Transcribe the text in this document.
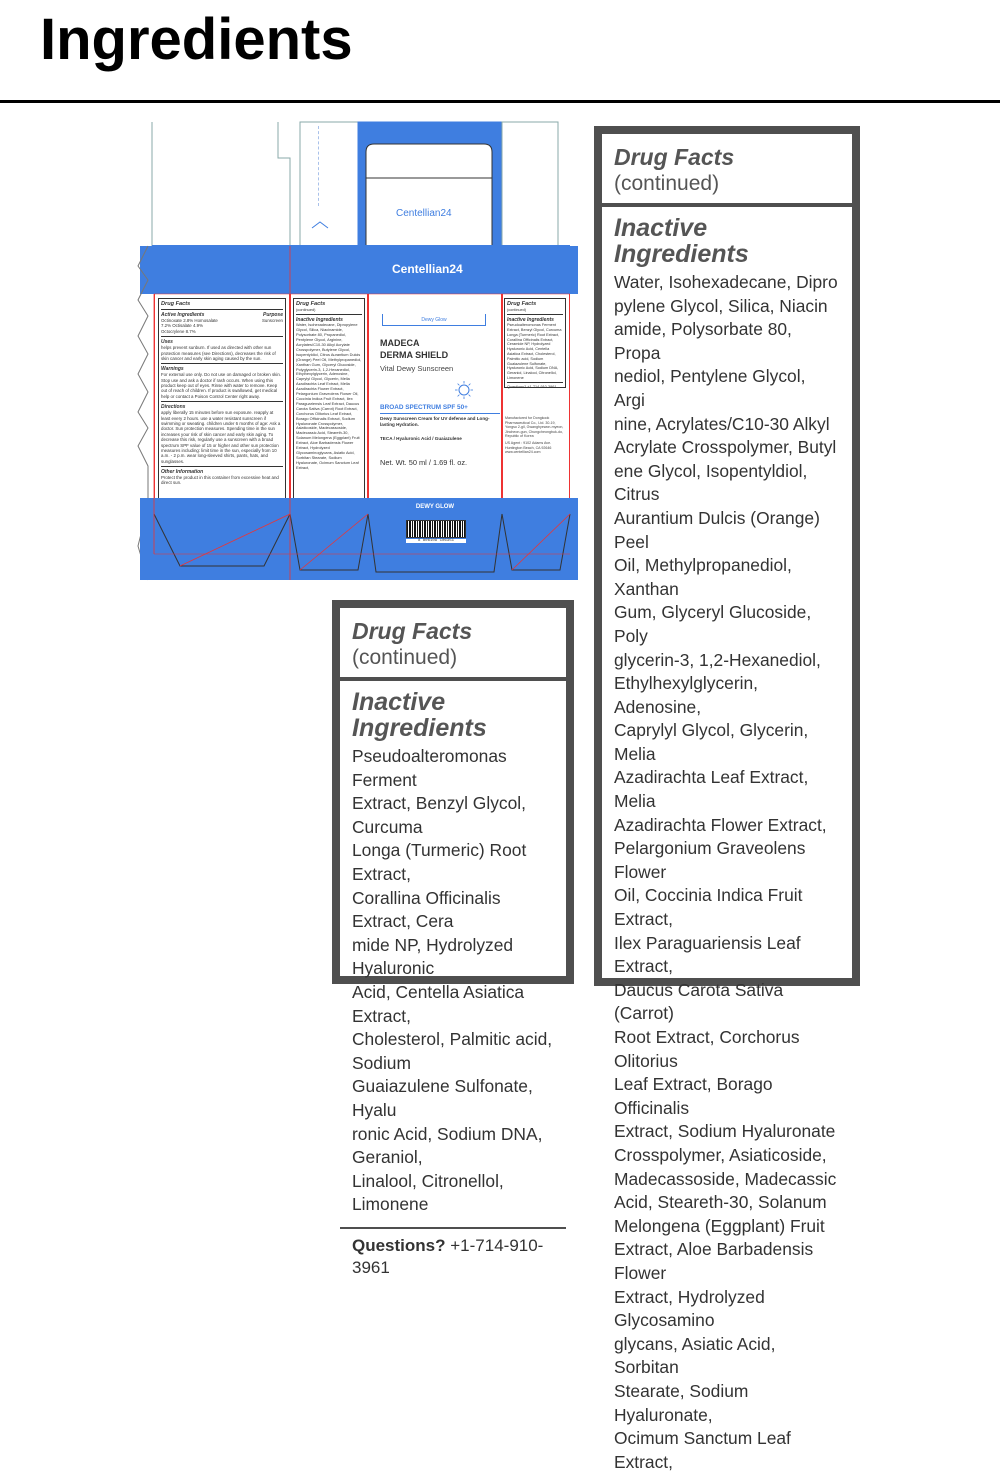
Ingredients
Centellian24
Centellian24
Drug Facts
Active Ingredients	Purpose
Octinoxate 2.8% Homosalate 7.2% Octisalate 4.9% Octocrylene 8.7%
Sunscreen
Uses
helps prevent sunburn. If used as directed with other sun protection measures (see Directions), decreases the risk of skin cancer and early skin aging caused by the sun.
Warnings
For external use only. Do not use on damaged or broken skin. Stop use and ask a doctor if rash occurs. When using this product keep out of eyes. Rinse with water to remove. Keep out of reach of children. If product is swallowed, get medical help or contact a Poison Control Center right away.
Directions
apply liberally 15 minutes before sun exposure. reapply at least every 2 hours. use a water resistant sunscreen if swimming or sweating. children under 6 months of age: Ask a doctor. Sun protection measures. Spending time in the sun increases your risk of skin cancer and early skin aging. To decrease this risk, regularly use a sunscreen with a broad spectrum SPF value of 15 or higher and other sun protection measures including: limit time in the sun, especially from 10 a.m. - 2 p.m. wear long-sleeved shirts, pants, hats, and sunglasses.
Other Information
Protect the product in this container from excessive heat and direct sun.
Drug Facts
(continued)
Inactive Ingredients
Water, Isohexadecane, Dipropylene Glycol, Silica, Niacinamide, Polysorbate 80, Propanediol, Pentylene Glycol, Arginine, Acrylates/C10-30 Alkyl Acrylate Crosspolymer, Butylene Glycol, Isopentyldiol, Citrus Aurantium Dulcis (Orange) Peel Oil, Methylpropanediol, Xanthan Gum, Glyceryl Glucoside, Polyglycerin-3, 1,2-Hexanediol, Ethylhexylglycerin, Adenosine, Caprylyl Glycol, Glycerin, Melia Azadirachta Leaf Extract, Melia Azadirachta Flower Extract, Pelargonium Graveolens Flower Oil, Coccinia Indica Fruit Extract, Ilex Paraguariensis Leaf Extract, Daucus Carota Sativa (Carrot) Root Extract, Corchorus Olitorius Leaf Extract, Borago Officinalis Extract, Sodium Hyaluronate Crosspolymer, Asiaticoside, Madecassoside, Madecassic Acid, Steareth-30, Solanum Melongena (Eggplant) Fruit Extract, Aloe Barbadensis Flower Extract, Hydrolyzed Glycosaminoglycans, Asiatic Acid, Sorbitan Stearate, Sodium Hyaluronate, Ocimum Sanctum Leaf Extract,
Dewy Glow
MADECA
DERMA SHIELD
Vital Dewy Sunscreen
BROAD SPECTRUM SPF 50+
Dewy Sunscreen Cream for UV defense and Long-lasting Hydration.
TECA / Hyaluronic Acid / Guaiazulene
Net. Wt. 50 ml / 1.69 fl. oz.
Drug Facts
(continued)
Inactive Ingredients
Pseudoalteromonas Ferment Extract, Benzyl Glycol, Curcuma Longa (Turmeric) Root Extract, Corallina Officinalis Extract, Ceramide NP, Hydrolyzed Hyaluronic Acid, Centella Asiatica Extract, Cholesterol, Palmitic acid, Sodium Guaiazulene Sulfonate, Hyaluronic Acid, Sodium DNA, Geraniol, Linalool, Citronellol, Limonene
Questions? +1-714-910-3961
Manufactured for Dongkook Pharmaceutical Co., Ltd. 30-19, Yongso 2-gil, Gwanghyewon-myeon, Jincheon-gun, Chungcheongbuk-do, Republic of Korea
US Agent : 9102 Adams Ave. Huntington Beach, CA 92646
www.centellian24.com
DEWY GLOW
8 806109 106351
Drug Facts
(continued)
Inactive Ingredients
Pseudoalteromonas Ferment
Extract, Benzyl Glycol, Curcuma
Longa (Turmeric) Root Extract,
Corallina Officinalis Extract, Cera
mide NP, Hydrolyzed Hyaluronic
Acid, Centella Asiatica Extract,
Cholesterol, Palmitic acid, Sodium
Guaiazulene Sulfonate, Hyalu
ronic Acid, Sodium DNA, Geraniol,
Linalool, Citronellol, Limonene
Questions? +1-714-910-3961
Drug Facts
(continued)
Inactive Ingredients
Water, Isohexadecane, Dipro
pylene Glycol, Silica, Niacin
amide, Polysorbate 80, Propa
nediol, Pentylene Glycol, Argi
nine, Acrylates/C10-30 Alkyl
Acrylate Crosspolymer, Butyl
ene Glycol, Isopentyldiol, Citrus
Aurantium Dulcis (Orange) Peel
Oil, Methylpropanediol, Xanthan
Gum, Glyceryl Glucoside, Poly
glycerin-3, 1,2-Hexanediol,
Ethylhexylglycerin, Adenosine,
Caprylyl Glycol, Glycerin, Melia
Azadirachta Leaf Extract, Melia
Azadirachta Flower Extract,
Pelargonium Graveolens Flower
Oil, Coccinia Indica Fruit Extract,
Ilex Paraguariensis Leaf Extract,
Daucus Carota Sativa (Carrot)
Root Extract, Corchorus Olitorius
Leaf Extract, Borago Officinalis
Extract, Sodium Hyaluronate
Crosspolymer, Asiaticoside,
Madecassoside, Madecassic
Acid, Steareth-30, Solanum
Melongena (Eggplant) Fruit
Extract, Aloe Barbadensis Flower
Extract, Hydrolyzed Glycosamino
glycans, Asiatic Acid, Sorbitan
Stearate, Sodium Hyaluronate,
Ocimum Sanctum Leaf Extract,
